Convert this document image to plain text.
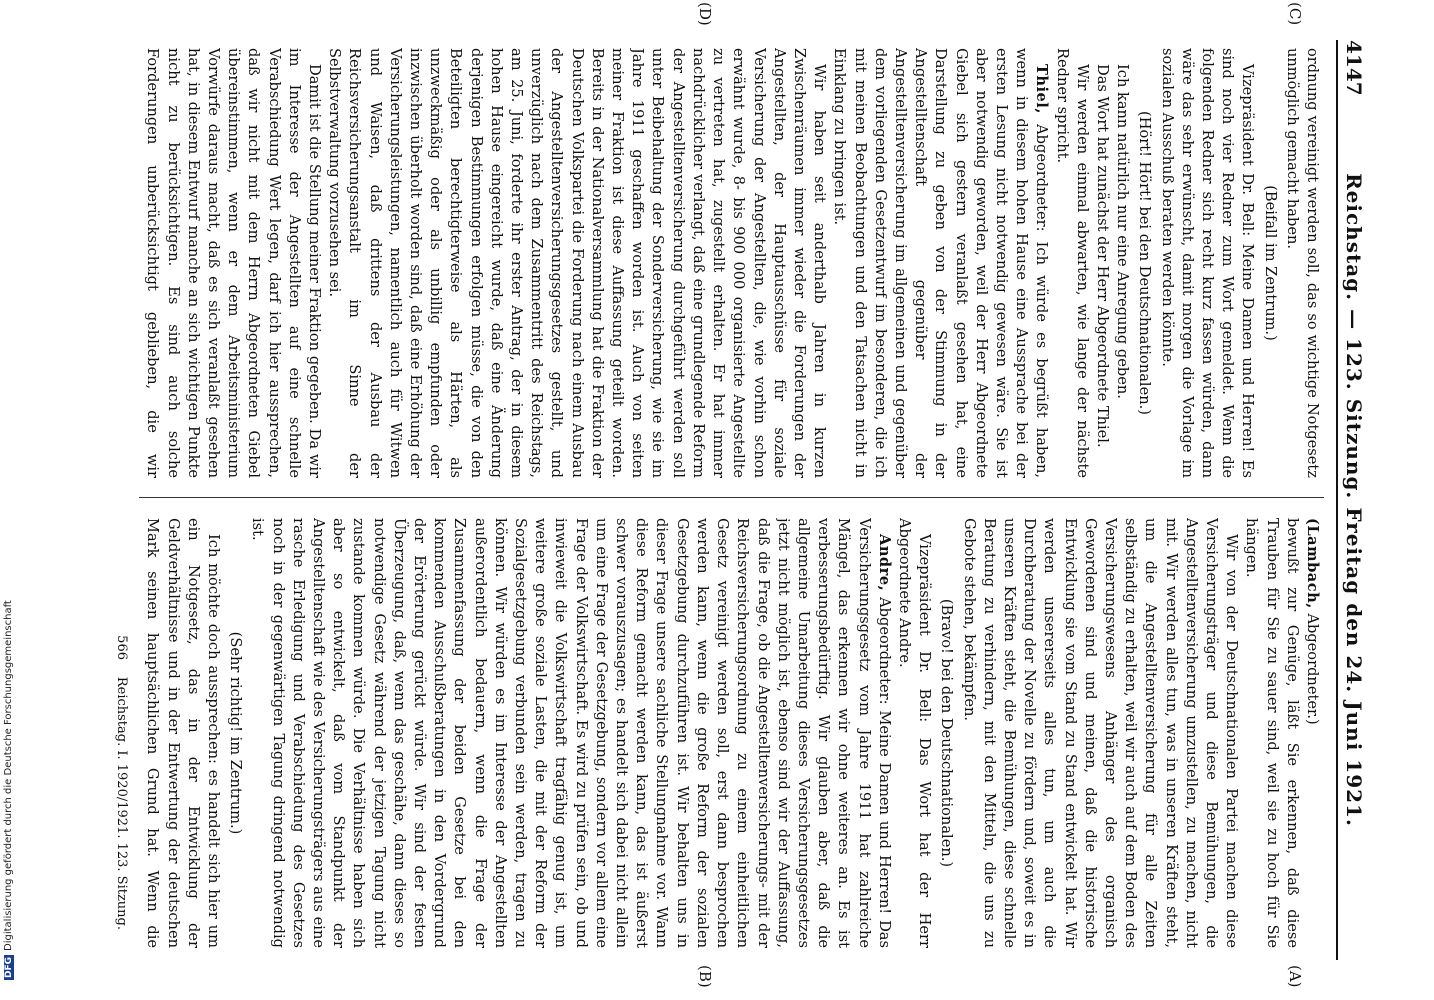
4147
Reichstag. — 123. Sitzung. Freitag den 24. Juni 1921.
(C)
(D)
(A)
(B)

ordnung vereinigt werden soll, das so wichtige Notgesetz unmöglich gemacht haben.

(Beifall im Zentrum.)

Vizepräsident Dr. Bell: Meine Damen und Herren! Es sind noch vier Redner zum Wort gemeldet. Wenn die folgenden Redner sich recht kurz fassen würden, dann wäre das sehr erwünscht, damit morgen die Vorlage im sozialen Ausschuß beraten werden könnte.

(Hört! Hört! bei den Deutschnationalen.)

Ich kann natürlich nur eine Anregung geben.

Das Wort hat zunächst der Herr Abgeordnete Thiel.

Wir werden einmal abwarten, wie lange der nächste Redner spricht.

Thiel, Abgeordneter: Ich würde es begrüßt haben, wenn in diesem hohen Hause eine Aussprache bei der ersten Lesung nicht notwendig gewesen wäre. Sie ist aber notwendig geworden, weil der Herr Abgeordnete Giebel sich gestern veranlaßt gesehen hat, eine Darstellung zu geben von der Stimmung in der Angestelltenschaft gegenüber der Angestelltenversicherung im allgemeinen und gegenüber dem vorliegenden Gesetzentwurf im besonderen, die ich mit meinen Beobachtungen und den Tatsachen nicht in Einklang zu bringen ist.

Wir haben seit anderthalb Jahren in kurzen Zwischenräumen immer wieder die Forderungen der Angestellten, der Hauptausschüsse für soziale Versicherung der Angestellten, die, wie vorhin schon erwähnt wurde, 8- bis 900 000 organisierte Angestellte zu vertreten hat, zugestellt erhalten. Er hat immer nachdrücklicher verlangt, daß eine grundlegende Reform der Angestelltenversicherung durchgeführt werden soll unter Beibehaltung der Sonderversicherung, wie sie im Jahre 1911 geschaffen worden ist. Auch von seiten meiner Fraktion ist diese Auffassung geteilt worden. Bereits in der Nationalversammlung hat die Fraktion der Deutschen Volkspartei die Forderung nach einem Ausbau der Angestelltenversicherungsgesetzes gestellt, und unverzüglich nach dem Zusammentritt des Reichstags, am 25. Juni, forderte ihr erster Antrag, der in diesem hohen Hause eingereicht wurde, daß eine Änderung derjenigen Bestimmungen erfolgen müsse, die von den Beteiligten berechtigterweise als Härten, als unzweckmäßig oder als unbillig empfunden oder inzwischen überholt worden sind, daß eine Erhöhung der Versicherungsleistungen, namentlich auch für Witwen und Waisen, daß drittens der Ausbau der Reichsversicherungsanstalt im Sinne der Selbstverwaltung vorzusehen sei.

Damit ist die Stellung meiner Fraktion gegeben. Da wir im Interesse der Angestellten auf eine schnelle Verabschiedung Wert legen, darf ich hier aussprechen, daß wir nicht mit dem Herrn Abgeordneten Giebel übereinstimmen, wenn er dem Arbeitsministerium Vorwürfe daraus macht, daß es sich veranlaßt gesehen hat, in diesem Entwurf manche an sich wichtigen Punkte nicht zu berücksichtigen. Es sind auch solche Forderungen unberücksichtigt geblieben, die wir

(Lambach, Abgeordneter.)

bewußt zur Genüge, läßt Sie erkennen, daß diese Trauben für Sie zu sauer sind, weil sie zu hoch für Sie hängen.

Wir von der Deutschnationalen Partei machen diese Versicherungsträger und diese Bemühungen, die Angestelltenversicherung umzustellen, zu machen, nicht mit. Wir werden alles tun, was in unseren Kräften steht, um die Angestelltenversicherung für alle Zeiten selbständig zu erhalten, weil wir auch auf dem Boden des Versicherungswesens Anhänger des organisch Gewordenen sind und meinen, daß die historische Entwicklung sie vom Stand zu Stand entwickelt hat. Wir werden unsererseits alles tun, um auch die Durchberatung der Novelle zu fördern und, soweit es in unseren Kräften steht, die Bemühungen, diese schnelle Beratung zu verhindern, mit den Mitteln, die uns zu Gebote stehen, bekämpfen.

(Bravo! bei den Deutschnationalen.)

Vizepräsident Dr. Bell: Das Wort hat der Herr Abgeordnete Andre.

Andre, Abgeordneter: Meine Damen und Herren! Das Versicherungsgesetz vom Jahre 1911 hat zahlreiche Mängel, das erkennen wir ohne weiteres an. Es ist verbesserungsbedürftig. Wir glauben aber, daß die allgemeine Umarbeitung dieses Versicherungsgesetzes jetzt nicht möglich ist, ebenso sind wir der Auffassung, daß die Frage, ob die Angestelltenversicherungs- mit der Reichsversicherungsordnung zu einem einheitlichen Gesetz vereinigt werden soll, erst dann besprochen werden kann, wenn die große Reform der sozialen Gesetzgebung durchzuführen ist. Wir behalten uns in dieser Frage unsere sachliche Stellungnahme vor. Wann diese Reform gemacht werden kann, das ist äußerst schwer vorauszusagen; es handelt sich dabei nicht allein um eine Frage der Gesetzgebung, sondern vor allem eine Frage der Volkswirtschaft. Es wird zu prüfen sein, ob und inwieweit die Volkswirtschaft tragfähig genug ist, um weitere große soziale Lasten, die mit der Reform der Sozialgesetzgebung verbunden sein werden, tragen zu können. Wir würden es im Interesse der Angestellten außerordentlich bedauern, wenn die Frage der Zusammenfassung der beiden Gesetze bei den kommenden Ausschußberatungen in den Vordergrund der Erörterung gerückt würde. Wir sind der festen Überzeugung, daß, wenn das geschähe, dann dieses so notwendige Gesetz während der jetzigen Tagung nicht zustande kommen würde. Die Verhältnisse haben sich aber so entwickelt, daß vom Standpunkt der Angestelltenschaft wie des Versicherungsträgers aus eine rasche Erledigung und Verabschiedung des Gesetzes noch in der gegenwärtigen Tagung dringend notwendig ist.

(Sehr richtig! im Zentrum.)

Ich möchte doch aussprechen: es handelt sich hier um ein Notgesetz, das in der Entwicklung der Geldverhältnisse und in der Entwertung der deutschen Mark seinen hauptsächlichen Grund hat. Wenn die

566
Reichstag. I. 1920/1921. 123. Sitzung.
DFGDigitalisierung gefördert durch die Deutsche Forschungsgemeinschaft
